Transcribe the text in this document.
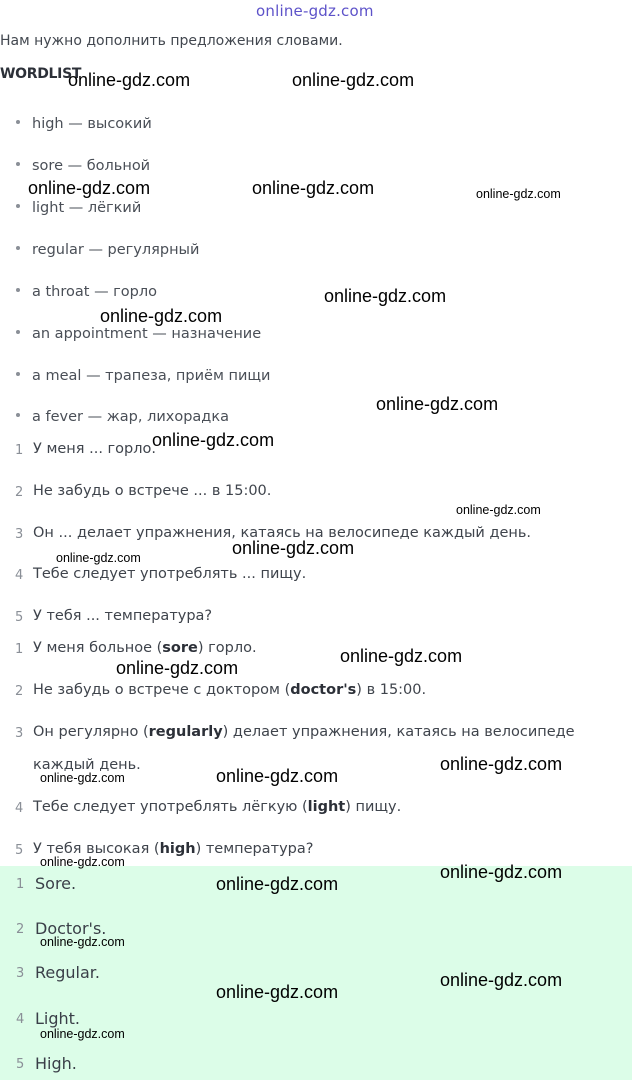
online-gdz.com
Нам нужно дополнить предложения словами.
WORDLIST
high — высокий
sore — больной
light — лёгкий
regular — регулярный
a throat — горло
an appointment — назначение
a meal — трапеза, приём пищи
a fever — жар, лихорадка
1 У меня ... горло.
2 Не забудь о встрече ... в 15:00.
3 Он ... делает упражнения, катаясь на велосипеде каждый день.
4 Тебе следует употреблять ... пищу.
5 У тебя ... температура?
1 У меня больное (sore) горло.
2 Не забудь о встрече с доктором (doctor's) в 15:00.
3 Он регулярно (regularly) делает упражнения, катаясь на велосипеде
каждый день.
4 Тебе следует употреблять лёгкую (light) пищу.
5 У тебя высокая (high) температура?
1 Sore.
2 Doctor's.
3 Regular.
4 Light.
5 High.
online-gdz.com	online-gdz.com
online-gdz.com	online-gdz.com	online-gdz.com
online-gdz.com
online-gdz.com
online-gdz.com
online-gdz.com
online-gdz.com
online-gdz.com
online-gdz.com
online-gdz.com
online-gdz.com
online-gdz.com
online-gdz.com
online-gdz.com
online-gdz.com	online-gdz.com
online-gdz.com
online-gdz.com
online-gdz.com
online-gdz.com
online-gdz.com
